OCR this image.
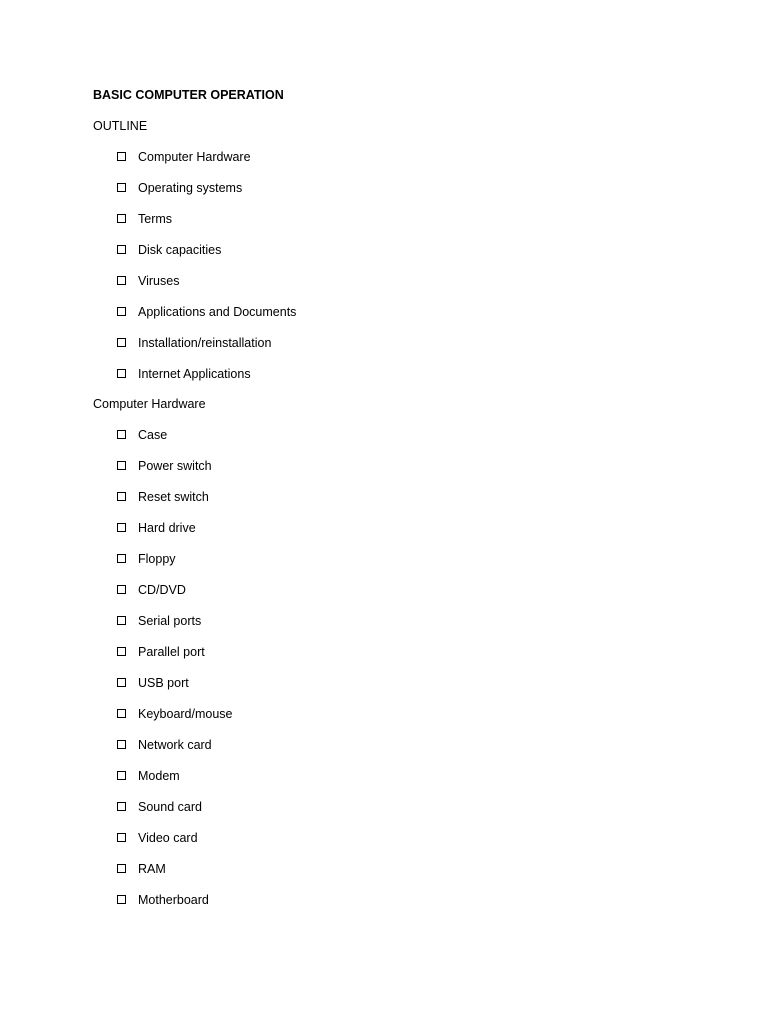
BASIC COMPUTER OPERATION
OUTLINE
Computer Hardware
Operating systems
Terms
Disk capacities
Viruses
Applications and Documents
Installation/reinstallation
Internet Applications
Computer Hardware
Case
Power switch
Reset switch
Hard drive
Floppy
CD/DVD
Serial ports
Parallel port
USB port
Keyboard/mouse
Network card
Modem
Sound card
Video card
RAM
Motherboard
